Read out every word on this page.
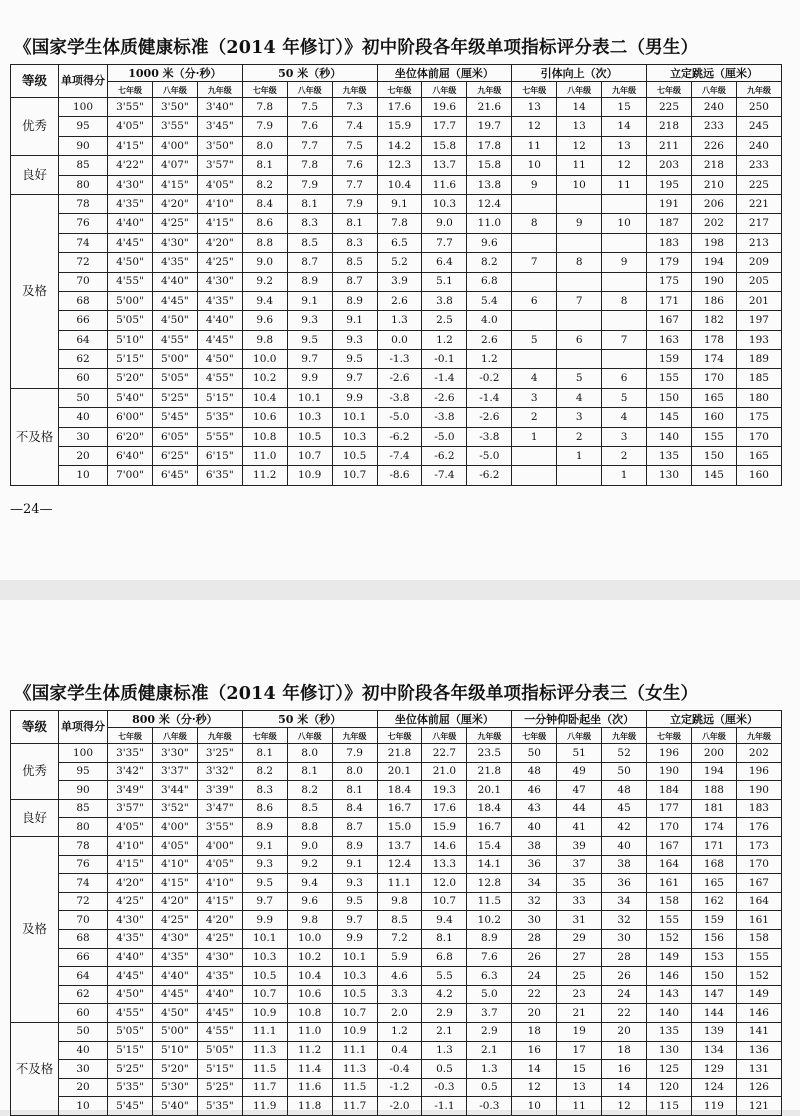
《国家学生体质健康标准（2014 年修订）》初中阶段各年级单项指标评分表二（男生）
等级	单项得分	1000 米（分·秒）			50 米（秒）			坐位体前屈（厘米）			引体向上（次）			立定跳远（厘米）		
		七年级	八年级	九年级	七年级	八年级	九年级	七年级	八年级	九年级	七年级	八年级	九年级	七年级	八年级	九年级
优秀	100	3'55"	3'50"	3'40"	7.8	7.5	7.3	17.6	19.6	21.6	13	14	15	225	240	250
	95	4'05"	3'55"	3'45"	7.9	7.6	7.4	15.9	17.7	19.7	12	13	14	218	233	245
	90	4'15"	4'00"	3'50"	8.0	7.7	7.5	14.2	15.8	17.8	11	12	13	211	226	240
良好	85	4'22"	4'07"	3'57"	8.1	7.8	7.6	12.3	13.7	15.8	10	11	12	203	218	233
	80	4'30"	4'15"	4'05"	8.2	7.9	7.7	10.4	11.6	13.8	9	10	11	195	210	225
及格	78	4'35"	4'20"	4'10"	8.4	8.1	7.9	9.1	10.3	12.4				191	206	221
	76	4'40"	4'25"	4'15"	8.6	8.3	8.1	7.8	9.0	11.0	8	9	10	187	202	217
	74	4'45"	4'30"	4'20"	8.8	8.5	8.3	6.5	7.7	9.6				183	198	213
	72	4'50"	4'35"	4'25"	9.0	8.7	8.5	5.2	6.4	8.2	7	8	9	179	194	209
	70	4'55"	4'40"	4'30"	9.2	8.9	8.7	3.9	5.1	6.8				175	190	205
	68	5'00"	4'45"	4'35"	9.4	9.1	8.9	2.6	3.8	5.4	6	7	8	171	186	201
	66	5'05"	4'50"	4'40"	9.6	9.3	9.1	1.3	2.5	4.0				167	182	197
	64	5'10"	4'55"	4'45"	9.8	9.5	9.3	0.0	1.2	2.6	5	6	7	163	178	193
	62	5'15"	5'00"	4'50"	10.0	9.7	9.5	-1.3	-0.1	1.2				159	174	189
	60	5'20"	5'05"	4'55"	10.2	9.9	9.7	-2.6	-1.4	-0.2	4	5	6	155	170	185
不及格	50	5'40"	5'25"	5'15"	10.4	10.1	9.9	-3.8	-2.6	-1.4	3	4	5	150	165	180
	40	6'00"	5'45"	5'35"	10.6	10.3	10.1	-5.0	-3.8	-2.6	2	3	4	145	160	175
	30	6'20"	6'05"	5'55"	10.8	10.5	10.3	-6.2	-5.0	-3.8	1	2	3	140	155	170
	20	6'40"	6'25"	6'15"	11.0	10.7	10.5	-7.4	-6.2	-5.0		1	2	135	150	165
	10	7'00"	6'45"	6'35"	11.2	10.9	10.7	-8.6	-7.4	-6.2			1	130	145	160
—24—
《国家学生体质健康标准（2014 年修订）》初中阶段各年级单项指标评分表三（女生）
等级	单项得分	800 米（分·秒）			50 米（秒）			坐位体前屈（厘米）			一分钟仰卧起坐（次）			立定跳远（厘米）		
		七年级	八年级	九年级	七年级	八年级	九年级	七年级	八年级	九年级	七年级	八年级	九年级	七年级	八年级	九年级
优秀	100	3'35"	3'30"	3'25"	8.1	8.0	7.9	21.8	22.7	23.5	50	51	52	196	200	202
	95	3'42"	3'37"	3'32"	8.2	8.1	8.0	20.1	21.0	21.8	48	49	50	190	194	196
	90	3'49"	3'44"	3'39"	8.3	8.2	8.1	18.4	19.3	20.1	46	47	48	184	188	190
良好	85	3'57"	3'52"	3'47"	8.6	8.5	8.4	16.7	17.6	18.4	43	44	45	177	181	183
	80	4'05"	4'00"	3'55"	8.9	8.8	8.7	15.0	15.9	16.7	40	41	42	170	174	176
及格	78	4'10"	4'05"	4'00"	9.1	9.0	8.9	13.7	14.6	15.4	38	39	40	167	171	173
	76	4'15"	4'10"	4'05"	9.3	9.2	9.1	12.4	13.3	14.1	36	37	38	164	168	170
	74	4'20"	4'15"	4'10"	9.5	9.4	9.3	11.1	12.0	12.8	34	35	36	161	165	167
	72	4'25"	4'20"	4'15"	9.7	9.6	9.5	9.8	10.7	11.5	32	33	34	158	162	164
	70	4'30"	4'25"	4'20"	9.9	9.8	9.7	8.5	9.4	10.2	30	31	32	155	159	161
	68	4'35"	4'30"	4'25"	10.1	10.0	9.9	7.2	8.1	8.9	28	29	30	152	156	158
	66	4'40"	4'35"	4'30"	10.3	10.2	10.1	5.9	6.8	7.6	26	27	28	149	153	155
	64	4'45"	4'40"	4'35"	10.5	10.4	10.3	4.6	5.5	6.3	24	25	26	146	150	152
	62	4'50"	4'45"	4'40"	10.7	10.6	10.5	3.3	4.2	5.0	22	23	24	143	147	149
	60	4'55"	4'50"	4'45"	10.9	10.8	10.7	2.0	2.9	3.7	20	21	22	140	144	146
不及格	50	5'05"	5'00"	4'55"	11.1	11.0	10.9	1.2	2.1	2.9	18	19	20	135	139	141
	40	5'15"	5'10"	5'05"	11.3	11.2	11.1	0.4	1.3	2.1	16	17	18	130	134	136
	30	5'25"	5'20"	5'15"	11.5	11.4	11.3	-0.4	0.5	1.3	14	15	16	125	129	131
	20	5'35"	5'30"	5'25"	11.7	11.6	11.5	-1.2	-0.3	0.5	12	13	14	120	124	126
	10	5'45"	5'40"	5'35"	11.9	11.8	11.7	-2.0	-1.1	-0.3	10	11	12	115	119	121
